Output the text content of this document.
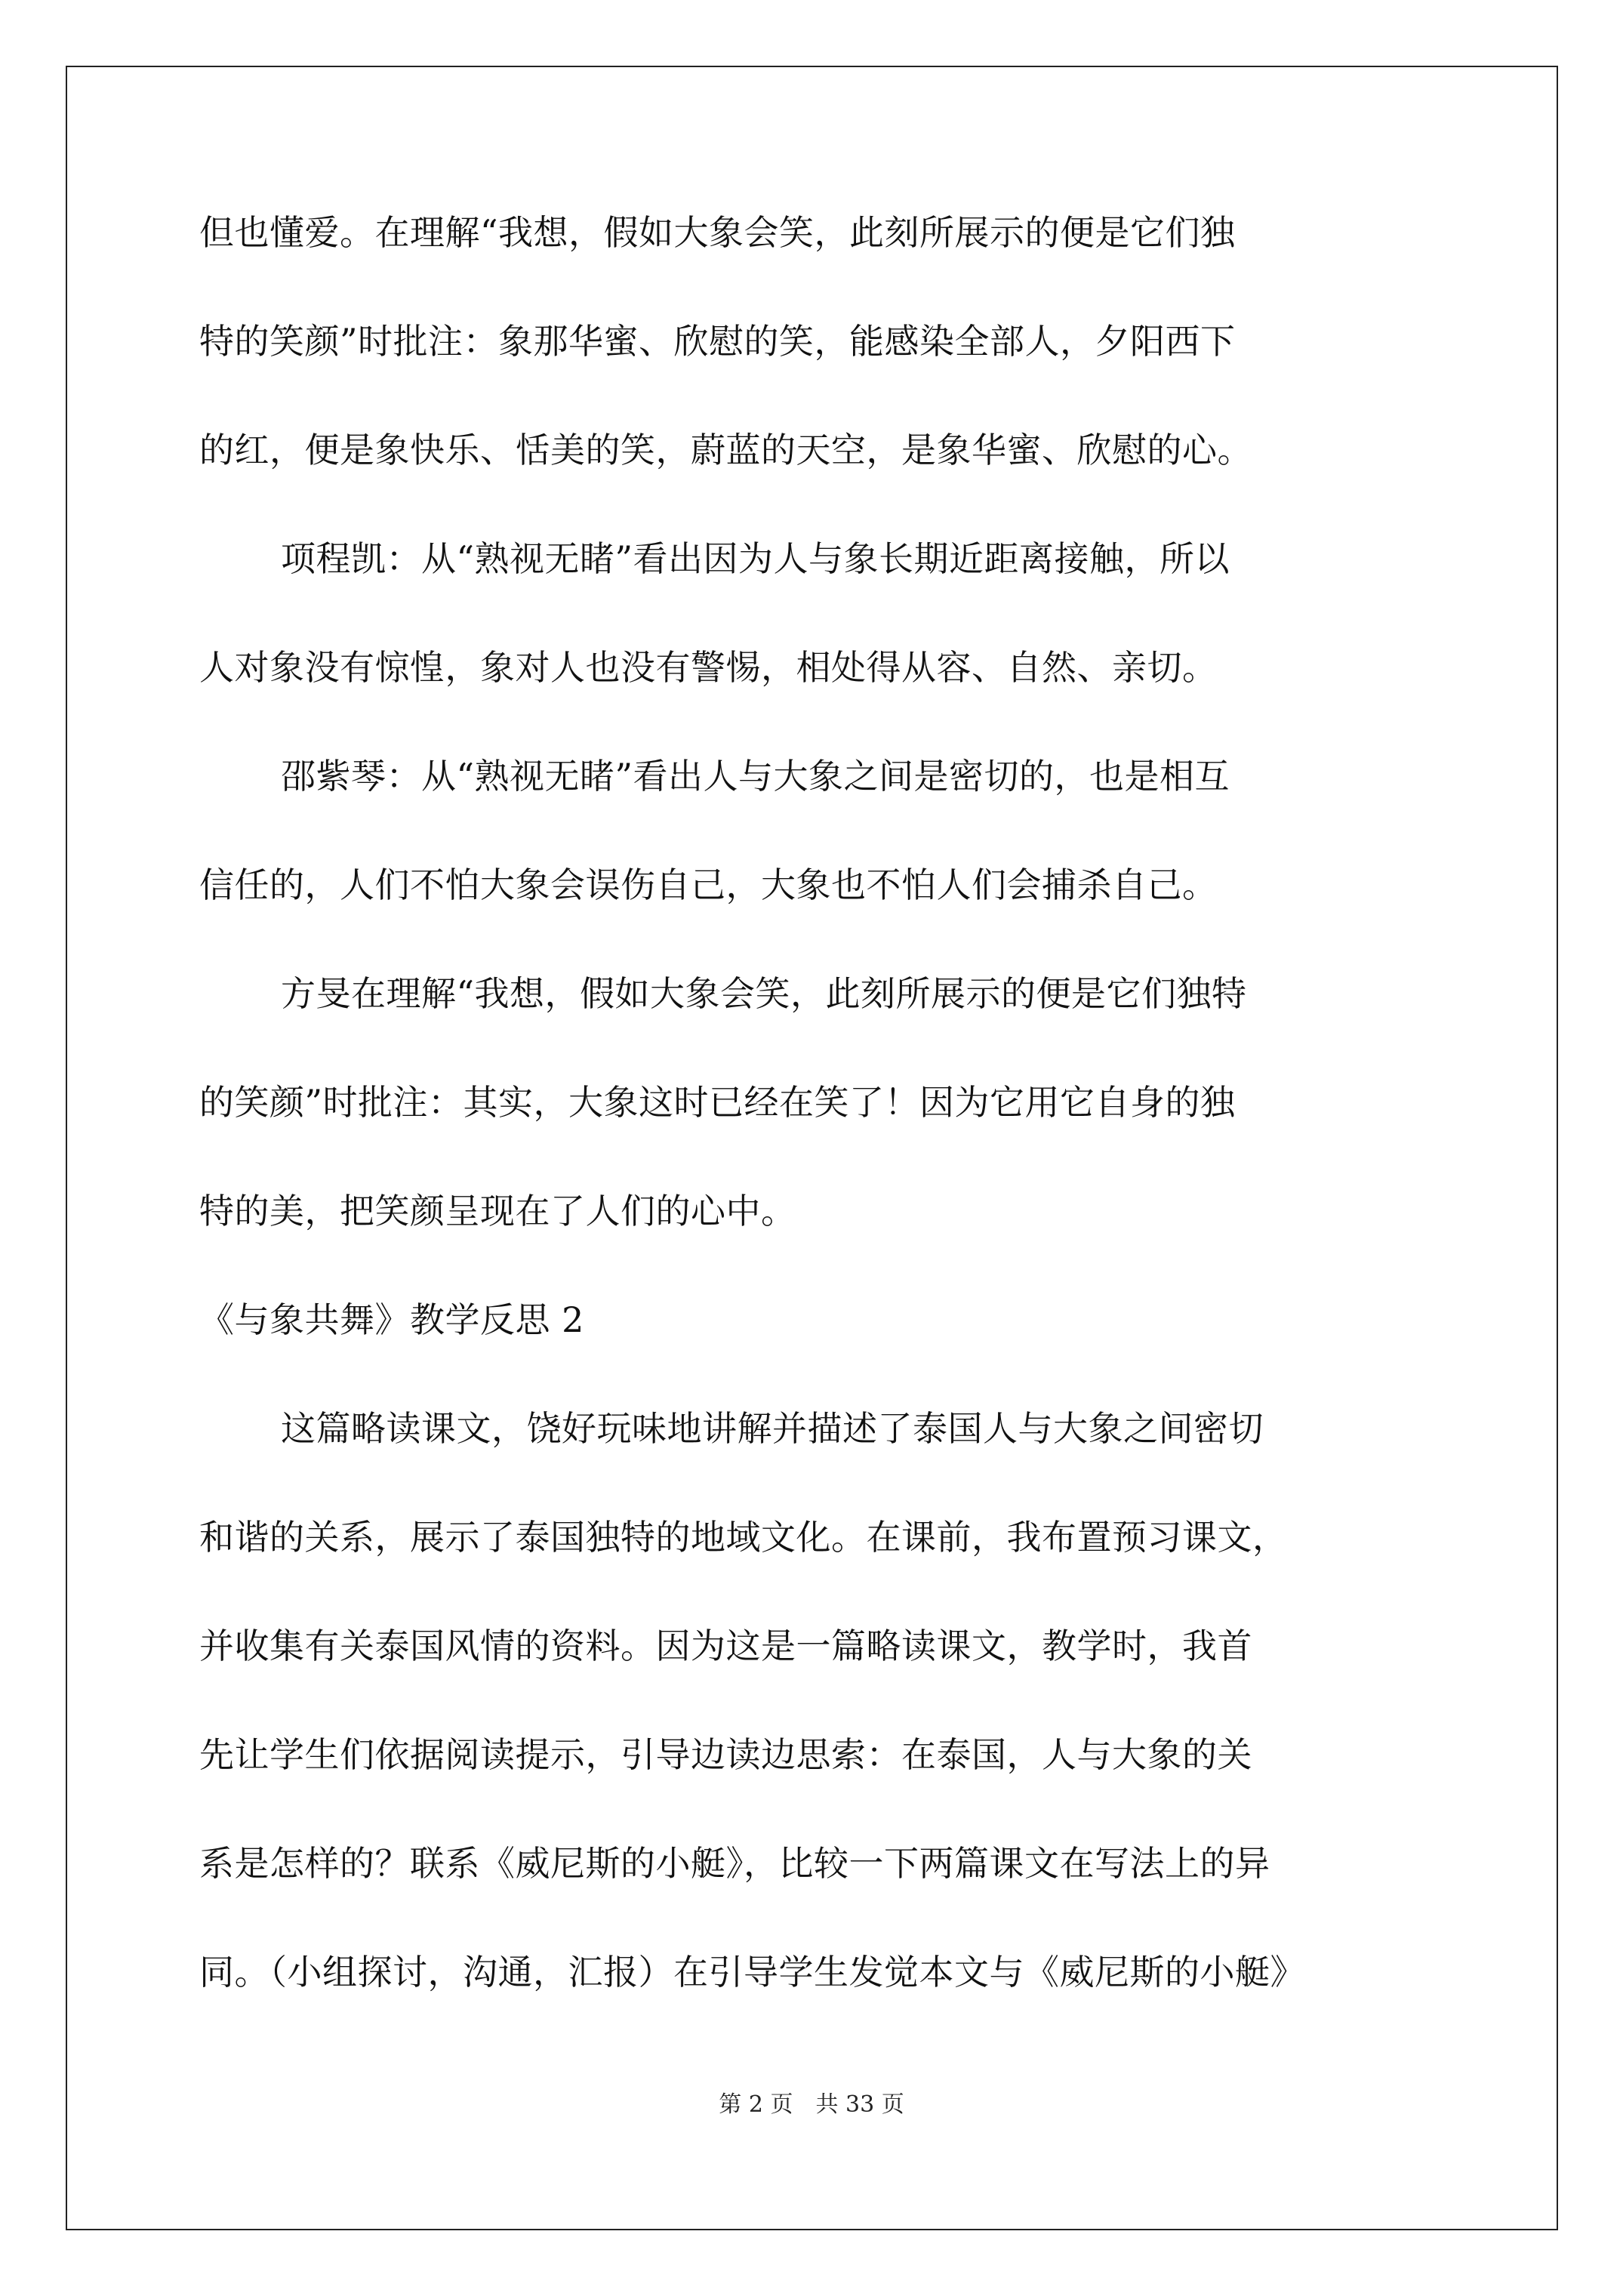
但也懂爱。在理解“我想，假如大象会笑，此刻所展示的便是它们独
特的笑颜”时批注：象那华蜜、欣慰的笑，能感染全部人，夕阳西下
的红，便是象快乐、恬美的笑，蔚蓝的天空，是象华蜜、欣慰的心。
项程凯：从“熟视无睹”看出因为人与象长期近距离接触，所以
人对象没有惊惶，象对人也没有警惕，相处得从容、自然、亲切。
邵紫琴：从“熟视无睹”看出人与大象之间是密切的，也是相互
信任的，人们不怕大象会误伤自己，大象也不怕人们会捕杀自己。
方旻在理解“我想，假如大象会笑，此刻所展示的便是它们独特
的笑颜”时批注：其实，大象这时已经在笑了！因为它用它自身的独
特的美，把笑颜呈现在了人们的心中。
《与象共舞》教学反思 2
这篇略读课文，饶好玩味地讲解并描述了泰国人与大象之间密切
和谐的关系，展示了泰国独特的地域文化。在课前，我布置预习课文，
并收集有关泰国风情的资料。因为这是一篇略读课文，教学时，我首
先让学生们依据阅读提示，引导边读边思索：在泰国，人与大象的关
系是怎样的？联系《威尼斯的小艇》，比较一下两篇课文在写法上的异
同。（小组探讨，沟通，汇报）在引导学生发觉本文与《威尼斯的小艇》
第 2 页　共 33 页
